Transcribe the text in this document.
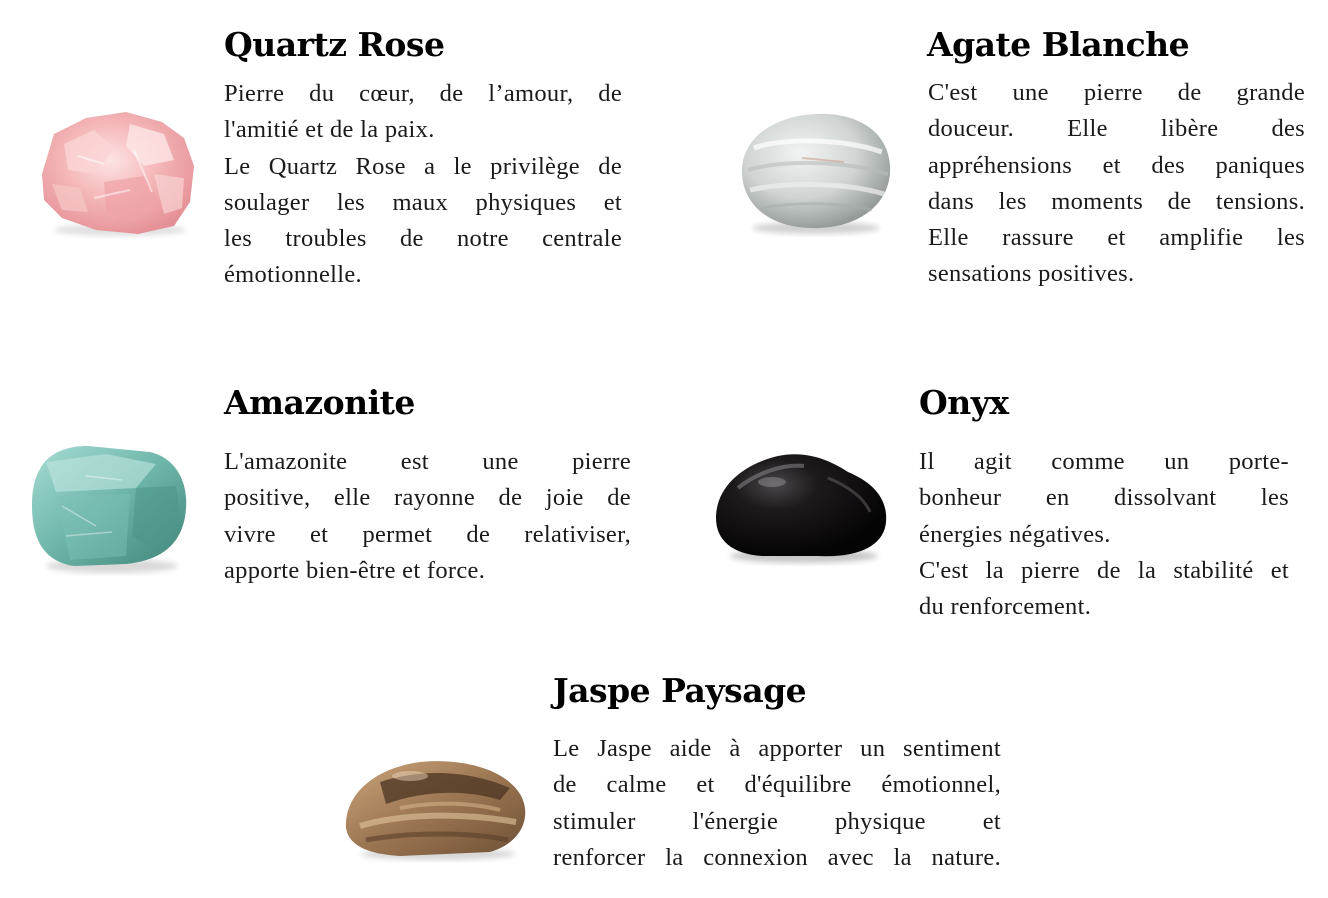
Quartz Rose
Pierre du cœur, de l’amour, de
l'amitié et de la paix.
Le Quartz Rose a le privilège de
soulager les maux physiques et
les troubles de notre centrale
émotionnelle.
Agate Blanche
C'est une pierre de grande
douceur. Elle libère des
appréhensions et des paniques
dans les moments de tensions.
Elle rassure et amplifie les
sensations positives.
Amazonite
L'amazonite est une pierre
positive, elle rayonne de joie de
vivre et permet de relativiser,
apporte bien-être et force.
Onyx
Il agit comme un porte-
bonheur en dissolvant les
énergies négatives.
C'est la pierre de la stabilité et
du renforcement.
Jaspe Paysage
Le Jaspe aide à apporter un sentiment
de calme et d'équilibre émotionnel,
stimuler l'énergie physique et
renforcer la connexion avec la nature.
